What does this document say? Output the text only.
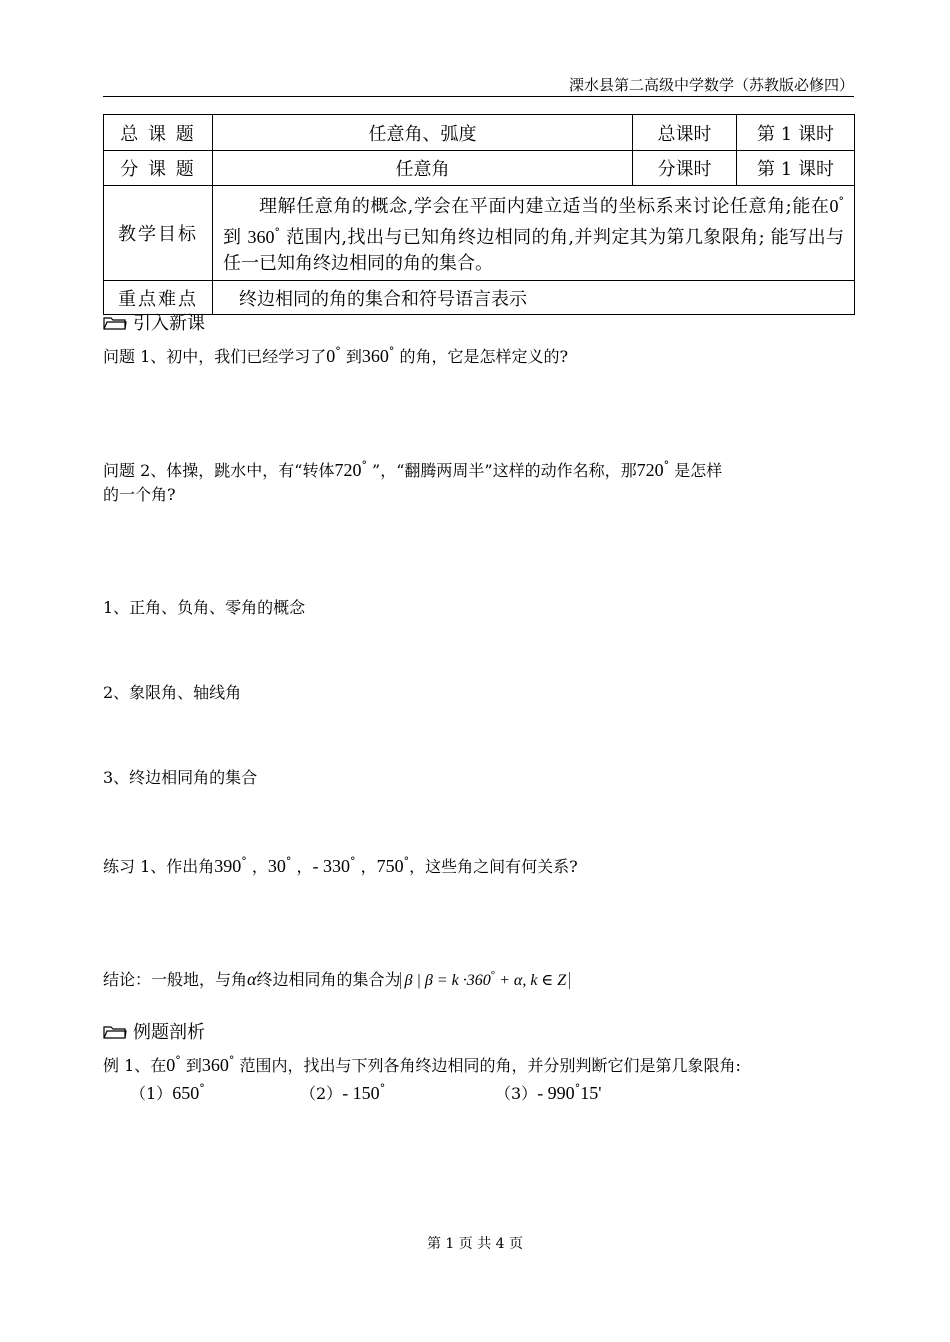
溧水县第二高级中学数学（苏教版必修四）
总 课 题	任意角、弧度	总课时	第 1 课时
分 课 题	任意角	分课时	第 1 课时
教学目标	理解任意角的概念,学会在平面内建立适当的坐标系来讨论任意角;能在0° 到 360° 范围内,找出与已知角终边相同的角,并判定其为第几象限角; 能写出与任一已知角终边相同的角的集合。		
重点难点	终边相同的角的集合和符号语言表示		
引入新课
问题 1、初中，我们已经学习了0° 到360° 的角，它是怎样定义的?
问题 2、体操，跳水中，有“转体720° ”，“翻腾两周半”这样的动作名称，那720° 是怎样
的一个角?
1、正角、负角、零角的概念
2、象限角、轴线角
3、终边相同角的集合
练习 1、作出角390° ，30° ，- 330° ，750°，这些角之间有何关系?
结论：一般地，与角α终边相同角的集合为 β | β = k ·360° + α, k ∈ Z
例题剖析
例 1、在0° 到360° 范围内，找出与下列各角终边相同的角，并分别判断它们是第几象限角:
（1）650°	（2）- 150°	（3）- 990°15'
第 1 页 共 4 页
